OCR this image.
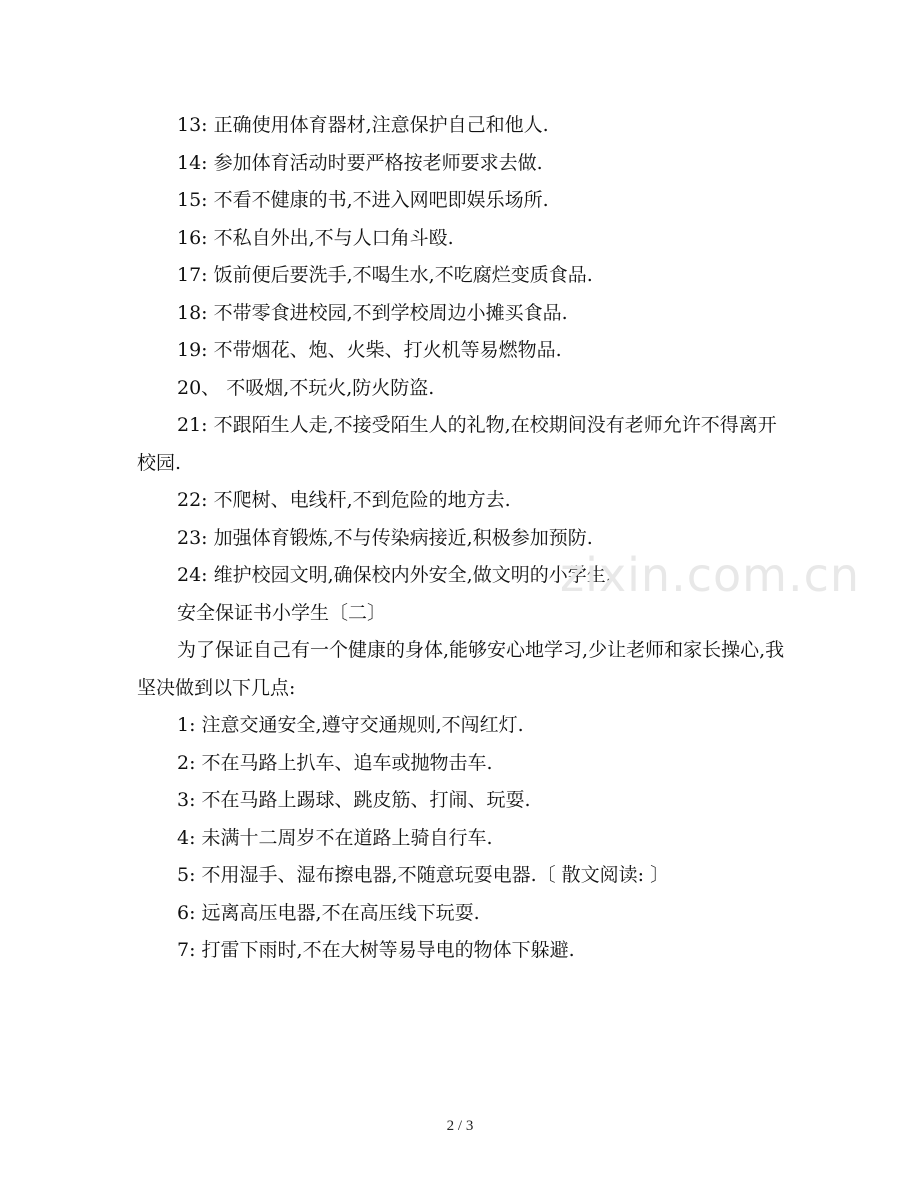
13: 正确使用体育器材,注意保护自己和他人.

14: 参加体育活动时要严格按老师要求去做.

15: 不看不健康的书,不进入网吧即娱乐场所.

16: 不私自外出,不与人口角斗殴.

17: 饭前便后要洗手,不喝生水,不吃腐烂变质食品.

18: 不带零食进校园,不到学校周边小摊买食品.

19: 不带烟花、炮、火柴、打火机等易燃物品.

20、 不吸烟,不玩火,防火防盗.

21: 不跟陌生人走,不接受陌生人的礼物,在校期间没有老师允许不得离开校园.

22: 不爬树、电线杆,不到危险的地方去.

23: 加强体育锻炼,不与传染病接近,积极参加预防.

24: 维护校园文明,确保校内外安全,做文明的小学生.

安全保证书小学生〔二〕

为了保证自己有一个健康的身体,能够安心地学习,少让老师和家长操心,我坚决做到以下几点:

1: 注意交通安全,遵守交通规则,不闯红灯.

2: 不在马路上扒车、追车或抛物击车.

3: 不在马路上踢球、跳皮筋、打闹、玩耍.

4: 未满十二周岁不在道路上骑自行车.

5: 不用湿手、湿布擦电器,不随意玩耍电器.〔 散文阅读: 〕

6: 远离高压电器,不在高压线下玩耍.

7: 打雷下雨时,不在大树等易导电的物体下躲避.

zixin.com.cn
2 / 3
